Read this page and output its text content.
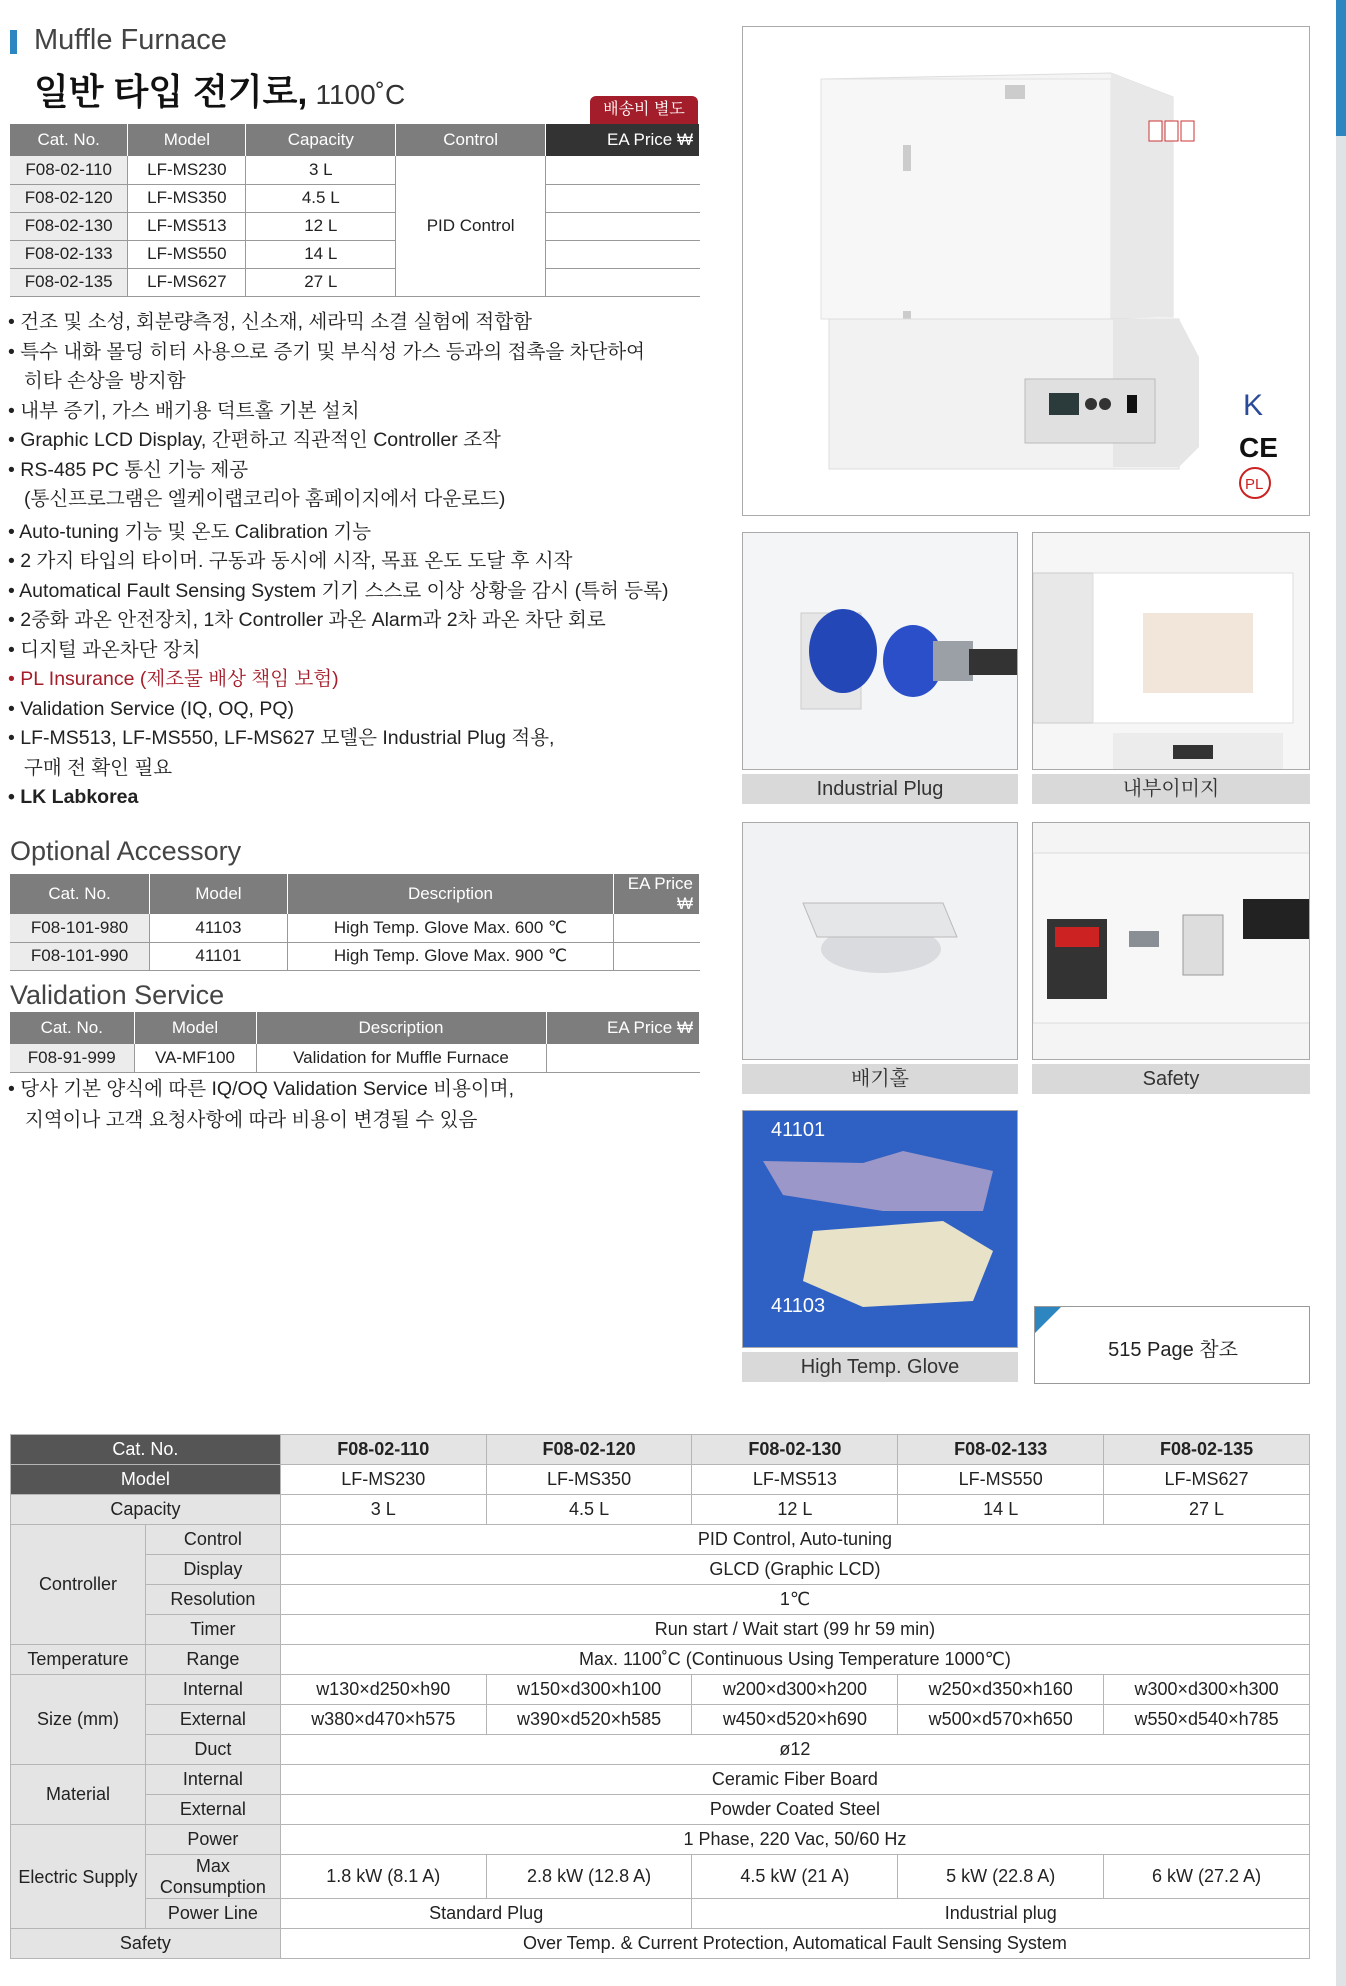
Muffle Furnace
일반 타입 전기로, 1100˚C	배송비 별도
Cat. No.	Model	Capacity	Control	EA Price ₩
F08-02-110	LF-MS230	3 L	PID Control	
F08-02-120	LF-MS350	4.5 L		
F08-02-130	LF-MS513	12 L		
F08-02-133	LF-MS550	14 L		
F08-02-135	LF-MS627	27 L		
• 건조 및 소성, 회분량측정, 신소재, 세라믹 소결 실험에 적합함
• 특수 내화 몰딩 히터 사용으로 증기 및 부식성 가스 등과의 접촉을 차단하여
히타 손상을 방지함
• 내부 증기, 가스 배기용 덕트홀 기본 설치
• Graphic LCD Display, 간편하고 직관적인 Controller 조작
• RS-485 PC 통신 기능 제공
(통신프로그램은 엘케이랩코리아 홈페이지에서 다운로드)
• Auto-tuning 기능 및 온도 Calibration 기능
• 2 가지 타입의 타이머. 구동과 동시에 시작, 목표 온도 도달 후 시작
• Automatical Fault Sensing System 기기 스스로 이상 상황을 감시 (특허 등록)
• 2중화 과온 안전장치, 1차 Controller 과온 Alarm과 2차 과온 차단 회로
• 디지털 과온차단 장치
• PL Insurance (제조물 배상 책임 보험)
• Validation Service (IQ, OQ, PQ)
• LF-MS513, LF-MS550, LF-MS627 모델은 Industrial Plug 적용,
구매 전 확인 필요
• LK Labkorea
Optional Accessory
Cat. No.	Model	Description	EA Price ₩
F08-101-980	41103	High Temp. Glove Max. 600 ℃	
F08-101-990	41101	High Temp. Glove Max. 900 ℃	
Validation Service
Cat. No.	Model	Description	EA Price ₩
F08-91-999	VA-MF100	Validation for Muffle Furnace	
• 당사 기본 양식에 따른 IQ/OQ Validation Service 비용이며,
지역이나 고객 요청사항에 따라 비용이 변경될 수 있음
K
CE
PL
Industrial Plug	내부이미지
배기홀	Safety
41101
41103
High Temp. Glove
515 Page 참조
Cat. No.		F08-02-110	F08-02-120	F08-02-130	F08-02-133	F08-02-135
Model		LF-MS230	LF-MS350	LF-MS513	LF-MS550	LF-MS627
Capacity		3 L	4.5 L	12 L	14 L	27 L
Controller	Control	PID Control, Auto-tuning				
	Display	GLCD (Graphic LCD)				
	Resolution	1℃				
	Timer	Run start / Wait start (99 hr 59 min)				
Temperature	Range	Max. 1100˚C (Continuous Using Temperature 1000℃)				
Size (mm)	Internal	w130×d250×h90	w150×d300×h100	w200×d300×h200	w250×d350×h160	w300×d300×h300
	External	w380×d470×h575	w390×d520×h585	w450×d520×h690	w500×d570×h650	w550×d540×h785
	Duct	ø12				
Material	Internal	Ceramic Fiber Board				
	External	Powder Coated Steel				
Electric Supply	Power	1 Phase, 220 Vac, 50/60 Hz				
	Max Consumption	1.8 kW (8.1 A)	2.8 kW (12.8 A)	4.5 kW (21 A)	5 kW (22.8 A)	6 kW (27.2 A)
	Power Line	Standard Plug		Industrial plug		
Safety		Over Temp. & Current Protection, Automatical Fault Sensing System				
